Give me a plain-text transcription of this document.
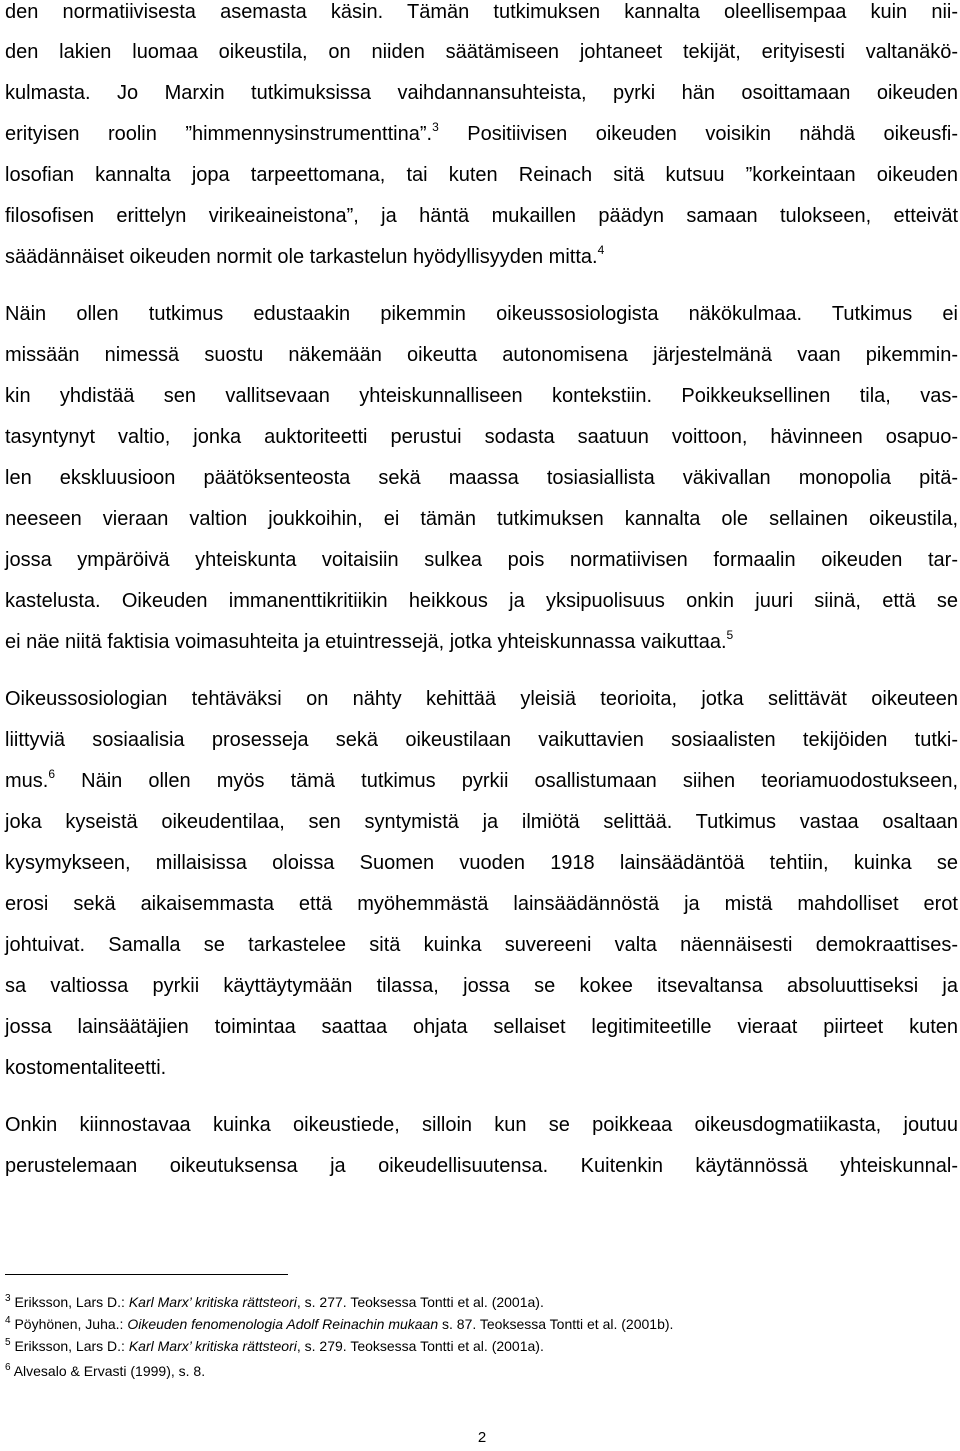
den normatiivisesta asemasta käsin. Tämän tutkimuksen kannalta oleellisempaa kuin nii-
den lakien luomaa oikeustila, on niiden säätämiseen johtaneet tekijät, erityisesti valtanäkö-
kulmasta. Jo Marxin tutkimuksissa vaihdannansuhteista, pyrki hän osoittamaan oikeuden
erityisen roolin ”himmennysinstrumenttina”.$^3$ Positiivisen oikeuden voisikin nähdä oikeusfi-
losofian kannalta jopa tarpeettomana, tai kuten Reinach sitä kutsuu ”korkeintaan oikeuden
filosofisen erittelyn virikeaineistona”, ja häntä mukaillen päädyn samaan tulokseen, etteivät
säädännäiset oikeuden normit ole tarkastelun hyödyllisyyden mitta.$^4$
Näin ollen tutkimus edustaakin pikemmin oikeussosiologista näkökulmaa. Tutkimus ei
missään nimessä suostu näkemään oikeutta autonomisena järjestelmänä vaan pikemmin-
kin yhdistää sen vallitsevaan yhteiskunnalliseen kontekstiin. Poikkeuksellinen tila, vas-
tasyntynyt valtio, jonka auktoriteetti perustui sodasta saatuun voittoon, hävinneen osapuo-
len ekskluusioon päätöksenteosta sekä maassa tosiasiallista väkivallan monopolia pitä-
neeseen vieraan valtion joukkoihin, ei tämän tutkimuksen kannalta ole sellainen oikeustila,
jossa ympäröivä yhteiskunta voitaisiin sulkea pois normatiivisen formaalin oikeuden tar-
kastelusta. Oikeuden immanenttikritiikin heikkous ja yksipuolisuus onkin juuri siinä, että se
ei näe niitä faktisia voimasuhteita ja etuintressejä, jotka yhteiskunnassa vaikuttaa.$^5$
Oikeussosiologian tehtäväksi on nähty kehittää yleisiä teorioita, jotka selittävät oikeuteen
liittyviä sosiaalisia prosesseja sekä oikeustilaan vaikuttavien sosiaalisten tekijöiden tutki-
mus.$^6$ Näin ollen myös tämä tutkimus pyrkii osallistumaan siihen teoriamuodostukseen,
joka kyseistä oikeudentilaa, sen syntymistä ja ilmiötä selittää. Tutkimus vastaa osaltaan
kysymykseen, millaisissa oloissa Suomen vuoden 1918 lainsäädäntöä tehtiin, kuinka se
erosi sekä aikaisemmasta että myöhemmästä lainsäädännöstä ja mistä mahdolliset erot
johtuivat. Samalla se tarkastelee sitä kuinka suvereeni valta näennäisesti demokraattises-
sa valtiossa pyrkii käyttäytymään tilassa, jossa se kokee itsevaltansa absoluuttiseksi ja
jossa lainsäätäjien toimintaa saattaa ohjata sellaiset legitimiteetille vieraat piirteet kuten
kostomentaliteetti.
Onkin kiinnostavaa kuinka oikeustiede, silloin kun se poikkeaa oikeusdogmatiikasta, joutuu
perustelemaan oikeutuksensa ja oikeudellisuutensa. Kuitenkin käytännössä yhteiskunnal-
$^3$ Eriksson, Lars D.: Karl Marx’ kritiska rättsteori, s. 277. Teoksessa Tontti et al. (2001a).
$^4$ Pöyhönen, Juha.: Oikeuden fenomenologia Adolf Reinachin mukaan s. 87. Teoksessa Tontti et al. (2001b).
$^5$ Eriksson, Lars D.: Karl Marx’ kritiska rättsteori, s. 279. Teoksessa Tontti et al. (2001a).
$^6$ Alvesalo & Ervasti (1999), s. 8.
2
